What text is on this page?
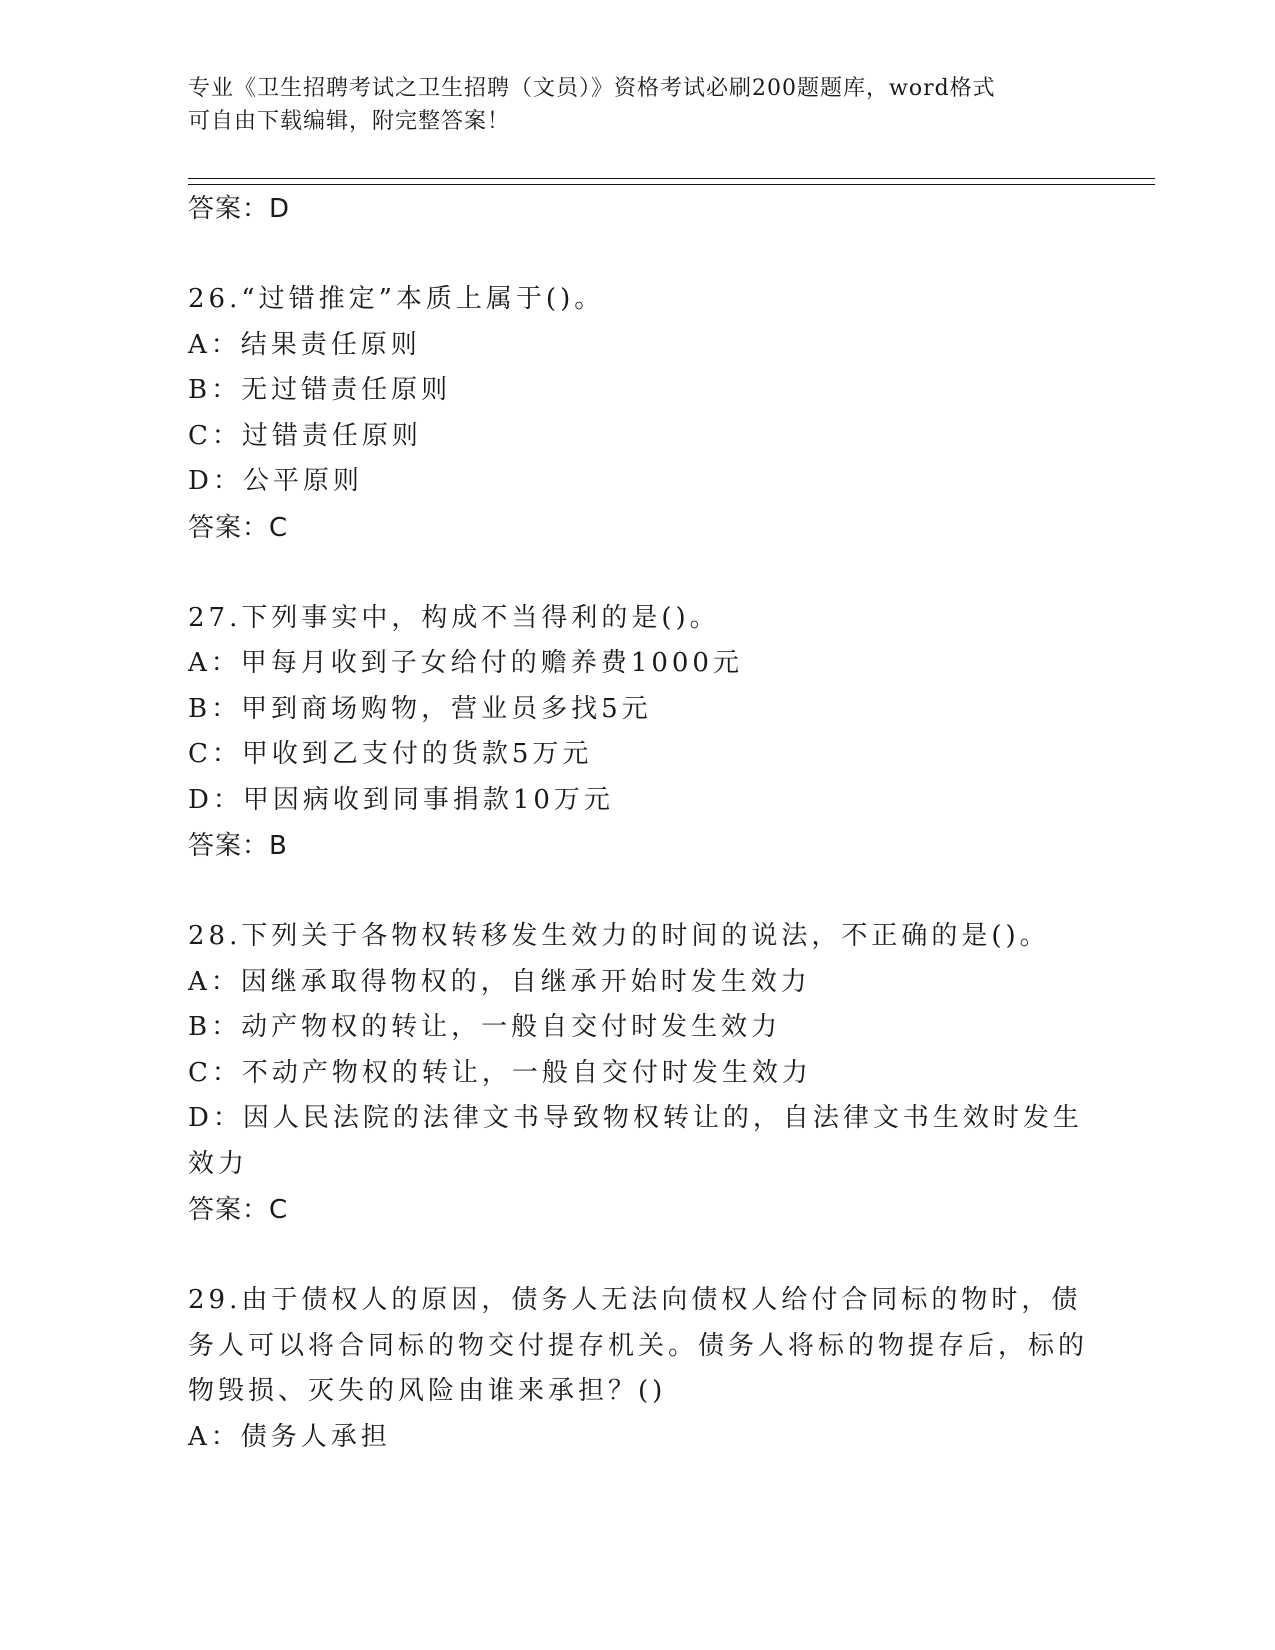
专业《卫生招聘考试之卫生招聘（文员）》资格考试必刷200题题库，word格式
可自由下载编辑，附完整答案！
答案：D

26.“过错推定”本质上属于()。

A：结果责任原则

B：无过错责任原则

C：过错责任原则

D：公平原则

答案：C

27.下列事实中，构成不当得利的是()。

A：甲每月收到子女给付的赡养费1000元

B：甲到商场购物，营业员多找5元

C：甲收到乙支付的货款5万元

D：甲因病收到同事捐款10万元

答案：B

28.下列关于各物权转移发生效力的时间的说法，不正确的是()。

A：因继承取得物权的，自继承开始时发生效力

B：动产物权的转让，一般自交付时发生效力

C：不动产物权的转让，一般自交付时发生效力

D：因人民法院的法律文书导致物权转让的，自法律文书生效时发生效力

答案：C

29.由于债权人的原因，债务人无法向债权人给付合同标的物时，债务人可以将合同标的物交付提存机关。债务人将标的物提存后，标的物毁损、灭失的风险由谁来承担？()

A：债务人承担
